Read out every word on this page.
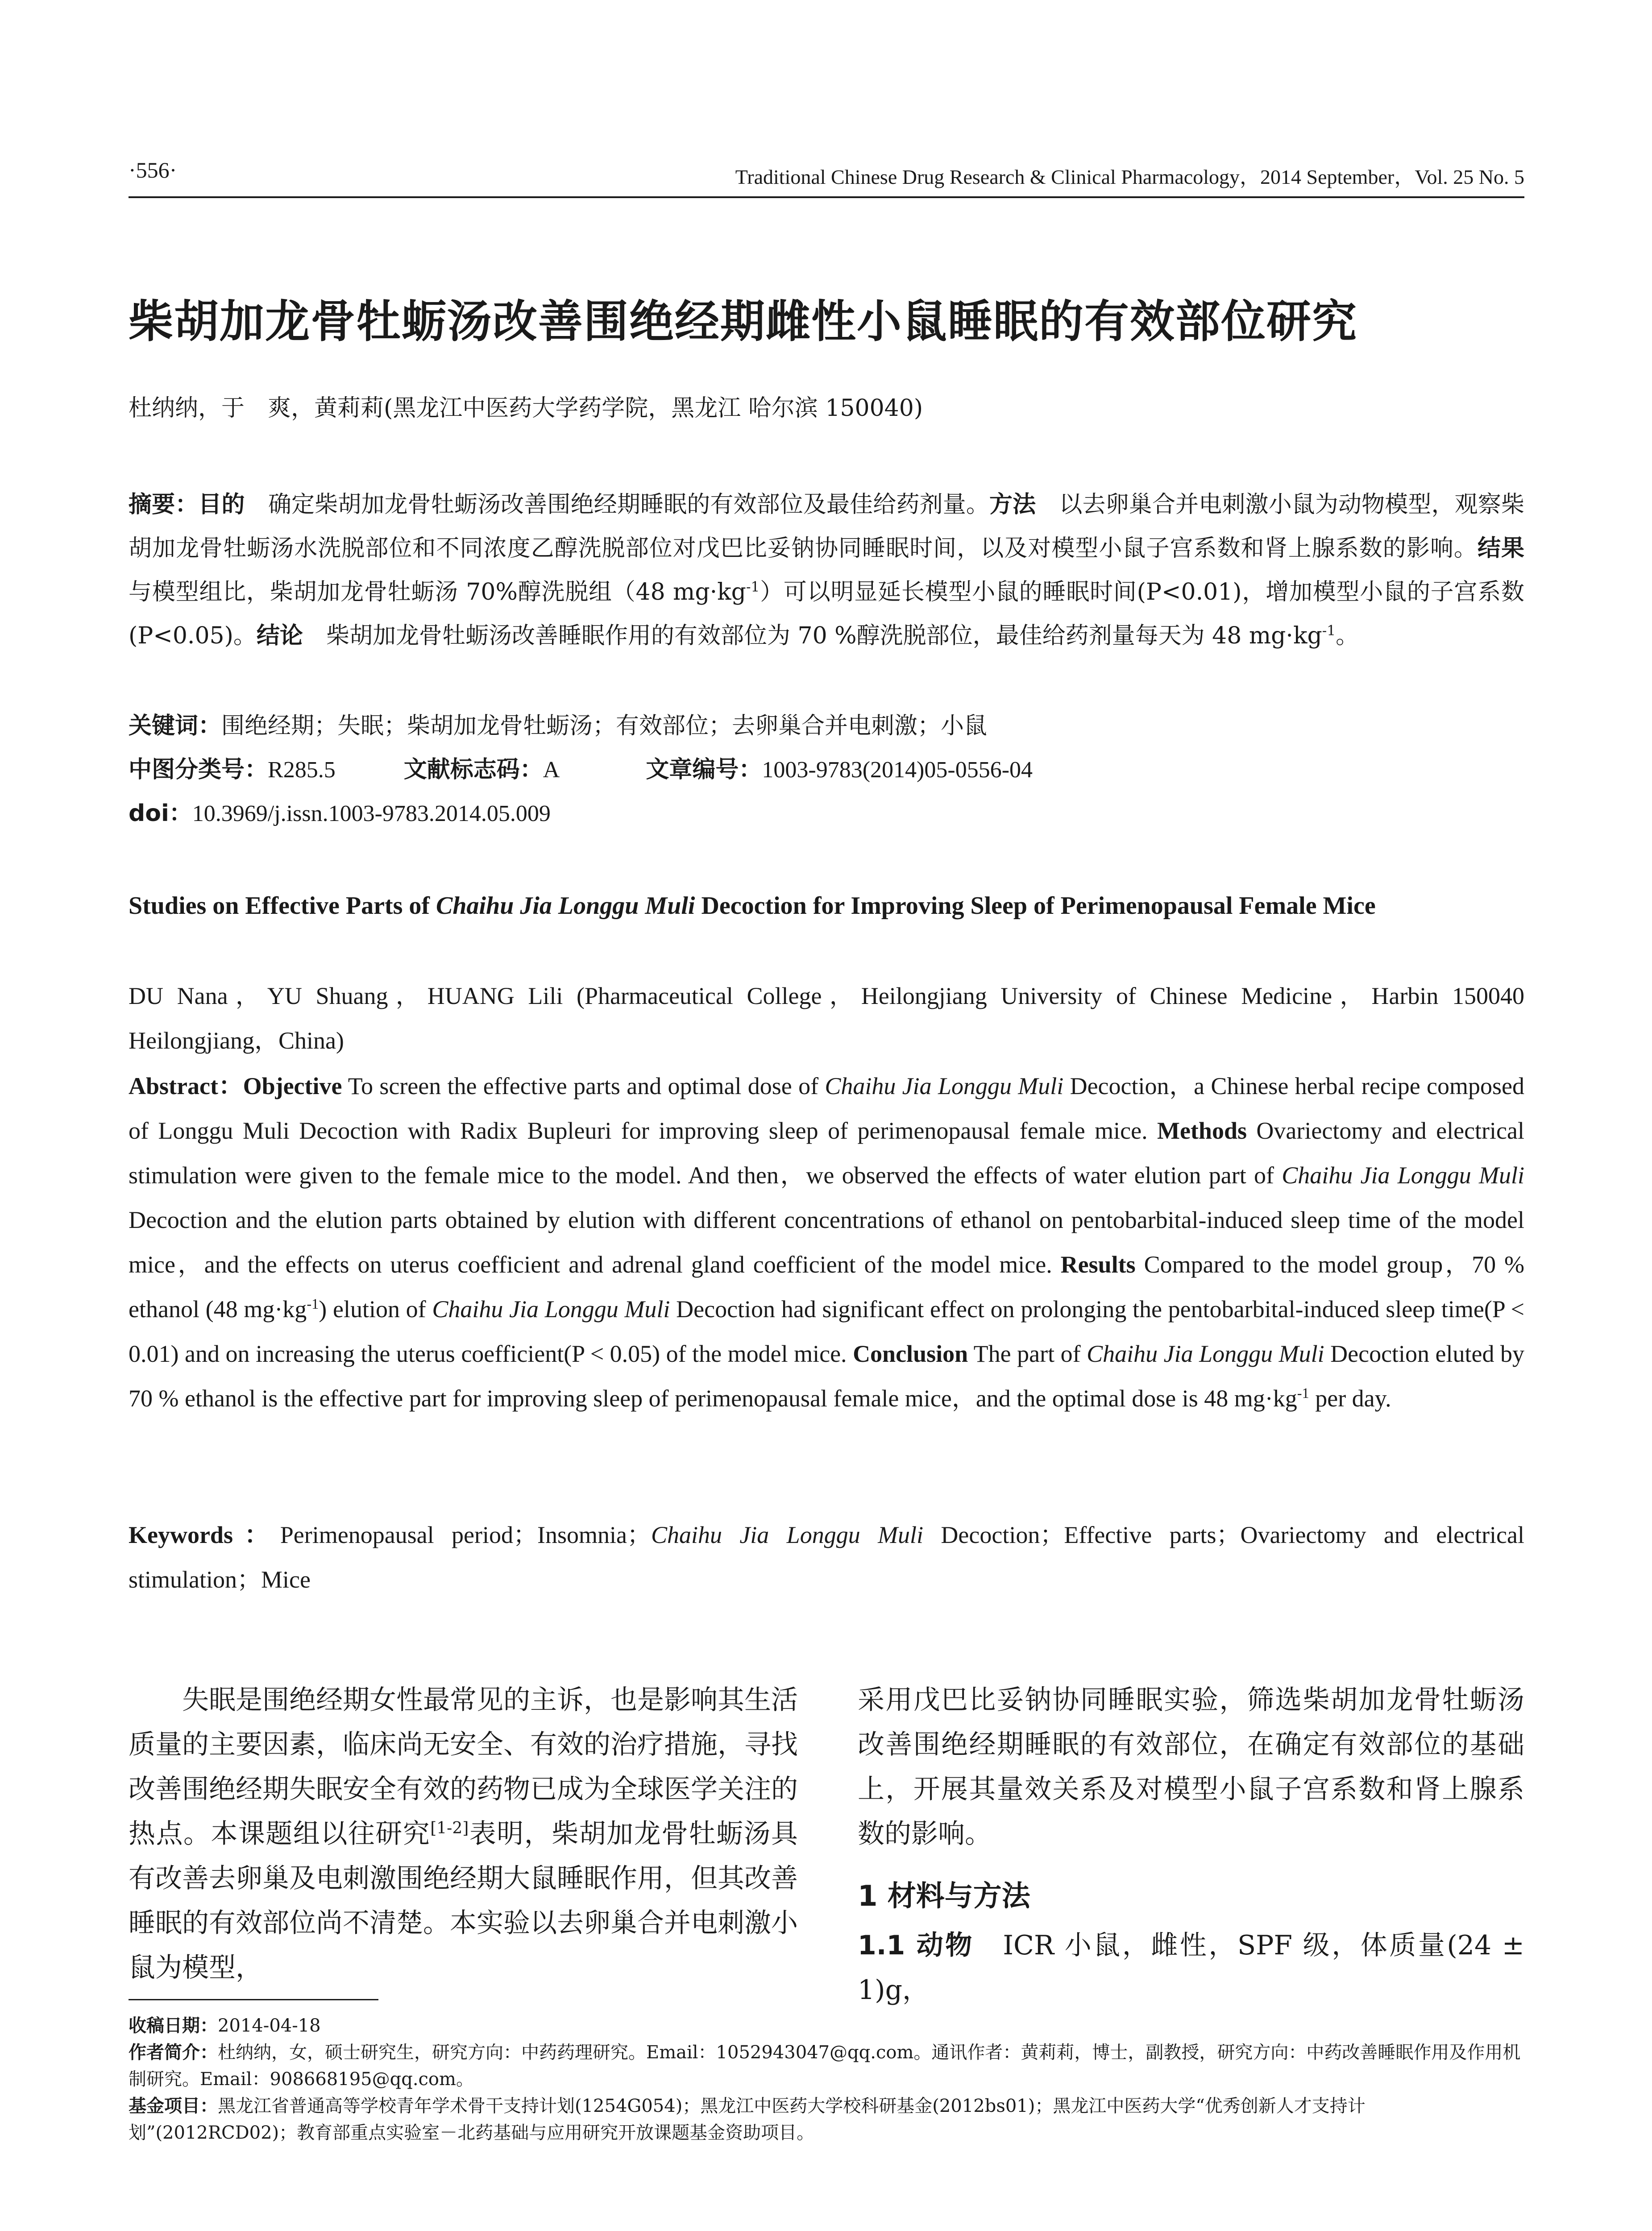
·556·	Traditional Chinese Drug Research & Clinical Pharmacology，2014 September，Vol. 25 No. 5
柴胡加龙骨牡蛎汤改善围绝经期雌性小鼠睡眠的有效部位研究
杜纳纳，于　爽，黄莉莉(黑龙江中医药大学药学院，黑龙江 哈尔滨 150040)
摘要：目的　 确定柴胡加龙骨牡蛎汤改善围绝经期睡眠的有效部位及最佳给药剂量。方法　 以去卵巢合并电刺激小鼠为动物模型，观察柴胡加龙骨牡蛎汤水洗脱部位和不同浓度乙醇洗脱部位对戊巴比妥钠协同睡眠时间，以及对模型小鼠子宫系数和肾上腺系数的影响。结果　与模型组比，柴胡加龙骨牡蛎汤 70%醇洗脱组（48 $mg\cdot kg^{-1}$）可以明显延长模型小鼠的睡眠时间(P<0.01)，增加模型小鼠的子宫系数(P<0.05)。结论　 柴胡加龙骨牡蛎汤改善睡眠作用的有效部位为 70 %醇洗脱部位，最佳给药剂量每天为 48 $mg\cdot kg^{-1}$。
关键词：围绝经期；失眠；柴胡加龙骨牡蛎汤；有效部位；去卵巢合并电刺激；小鼠
中图分类号：R285.5	文献标志码：A	文章编号：1003-9783(2014)05-0556-04
doi：10.3969/j.issn.1003-9783.2014.05.009
Studies on Effective Parts of Chaihu Jia Longgu Muli Decoction for Improving Sleep of Perimenopausal Female Mice
DU Nana，YU Shuang，HUANG Lili (Pharmaceutical College，Heilongjiang University of Chinese Medicine，Harbin 150040 Heilongjiang，China)
Abstract：Objective To screen the effective parts and optimal dose of Chaihu Jia Longgu Muli Decoction，a Chinese herbal recipe composed of Longgu Muli Decoction with Radix Bupleuri for improving sleep of perimenopausal female mice. Methods Ovariectomy and electrical stimulation were given to the female mice to the model. And then，we observed the effects of water elution part of Chaihu Jia Longgu Muli Decoction and the elution parts obtained by elution with different concentrations of ethanol on pentobarbital-induced sleep time of the model mice，and the effects on uterus coefficient and adrenal gland coefficient of the model mice. Results Compared to the model group，70 % ethanol (48 $mg\cdot kg^{-1}$) elution of Chaihu Jia Longgu Muli Decoction had significant effect on prolonging the pentobarbital-induced sleep time(P < 0.01) and on increasing the uterus coefficient(P < 0.05) of the model mice. Conclusion The part of Chaihu Jia Longgu Muli Decoction eluted by 70 % ethanol is the effective part for improving sleep of perimenopausal female mice，and the optimal dose is 48 $mg\cdot kg^{-1}$ per day.
Keywords：Perimenopausal period；Insomnia；Chaihu Jia Longgu Muli Decoction；Effective parts；Ovariectomy and electrical stimulation；Mice
失眠是围绝经期女性最常见的主诉，也是影响其生活质量的主要因素，临床尚无安全、有效的治疗措施，寻找改善围绝经期失眠安全有效的药物已成为全球医学关注的热点。本课题组以往研究[1-2]表明，柴胡加龙骨牡蛎汤具有改善去卵巢及电刺激围绝经期大鼠睡眠作用，但其改善睡眠的有效部位尚不清楚。本实验以去卵巢合并电刺激小鼠为模型，
采用戊巴比妥钠协同睡眠实验，筛选柴胡加龙骨牡蛎汤改善围绝经期睡眠的有效部位，在确定有效部位的基础上，开展其量效关系及对模型小鼠子宫系数和肾上腺系数的影响。
1 材料与方法
1.1 动物　 ICR 小鼠，雌性，SPF 级，体质量(24 ± 1)g，
收稿日期：2014-04-18
作者简介：杜纳纳，女，硕士研究生，研究方向：中药药理研究。Email：1052943047@qq.com。通讯作者：黄莉莉，博士，副教授，研究方向：中药改善睡眠作用及作用机制研究。Email：908668195@qq.com。
基金项目：黑龙江省普通高等学校青年学术骨干支持计划(1254G054)；黑龙江中医药大学校科研基金(2012bs01)；黑龙江中医药大学“优秀创新人才支持计划”(2012RCD02)；教育部重点实验室－北药基础与应用研究开放课题基金资助项目。
